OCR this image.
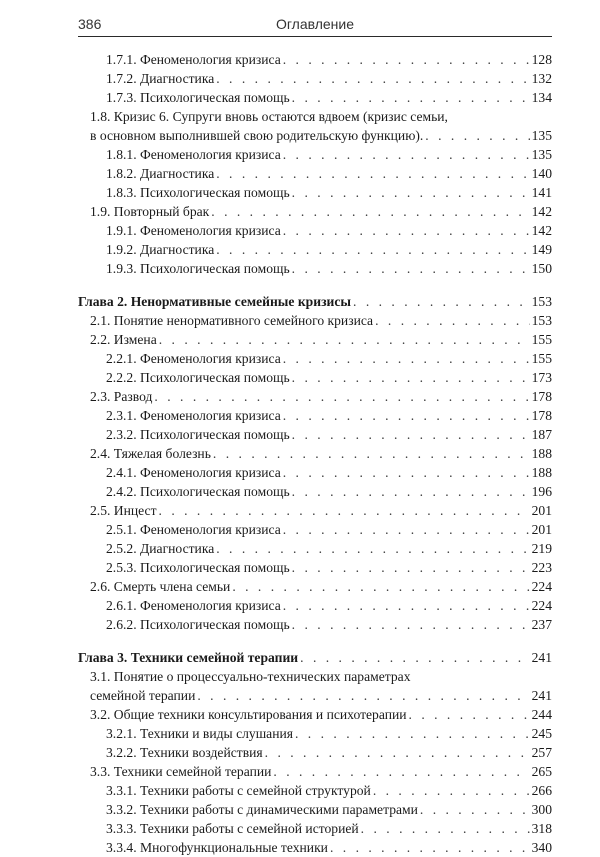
386	Оглавление
1.7.1. Феноменология кризиса . . .	128
1.7.2. Диагностика . . .	132
1.7.3. Психологическая помощь . . .	134
1.8. Кризис 6. Супруги вновь остаются вдвоем (кризис семьи,
в основном выполнившей свою родительскую функцию). . . .	135
1.8.1. Феноменология кризиса . . .	135
1.8.2. Диагностика . . .	140
1.8.3. Психологическая помощь . . .	141
1.9. Повторный брак . . .	142
1.9.1. Феноменология кризиса . . .	142
1.9.2. Диагностика . . .	149
1.9.3. Психологическая помощь . . .	150
Глава 2. Ненормативные семейные кризисы . . .	153
2.1. Понятие ненормативного семейного кризиса . . .	153
2.2. Измена . . .	155
2.2.1. Феноменология кризиса . . .	155
2.2.2. Психологическая помощь . . .	173
2.3. Развод . . .	178
2.3.1. Феноменология кризиса . . .	178
2.3.2. Психологическая помощь . . .	187
2.4. Тяжелая болезнь . . .	188
2.4.1. Феноменология кризиса . . .	188
2.4.2. Психологическая помощь . . .	196
2.5. Инцест . . .	201
2.5.1. Феноменология кризиса . . .	201
2.5.2. Диагностика . . .	219
2.5.3. Психологическая помощь . . .	223
2.6. Смерть члена семьи . . .	224
2.6.1. Феноменология кризиса . . .	224
2.6.2. Психологическая помощь . . .	237
Глава 3. Техники семейной терапии . . .	241
3.1. Понятие о процессуально-технических параметрах
семейной терапии . . .	241
3.2. Общие техники консультирования и психотерапии . . .	244
3.2.1. Техники и виды слушания . . .	245
3.2.2. Техники воздействия . . .	257
3.3. Техники семейной терапии . . .	265
3.3.1. Техники работы с семейной структурой . . .	266
3.3.2. Техники работы с динамическими параметрами . . .	300
3.3.3. Техники работы с семейной историей . . .	318
3.3.4. Многофункциональные техники . . .	340
